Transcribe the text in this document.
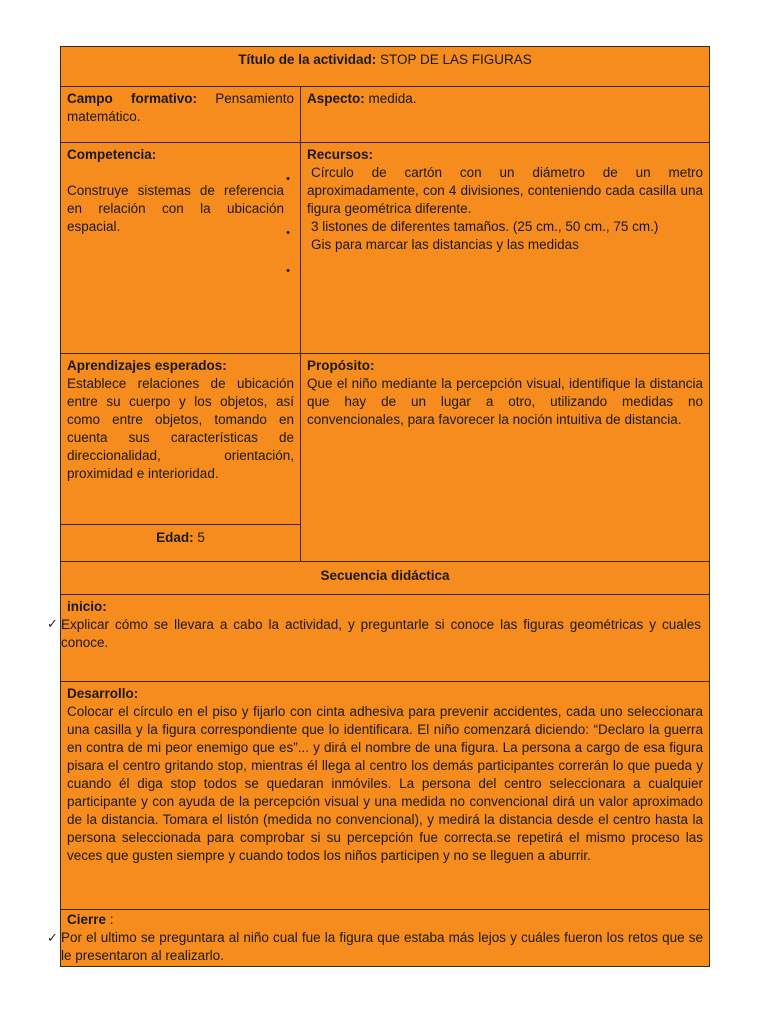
Título de la actividad: STOP DE LAS FIGURAS
Campo formativo: Pensamiento matemático.
Aspecto: medida.
Competencia:
Construye sistemas de referencia en relación con la ubicación espacial.
•
•
•
Recursos:
Círculo de cartón con un diámetro de un metro aproximadamente, con 4 divisiones, conteniendo cada casilla una figura geométrica diferente.
3 listones de diferentes tamaños. (25 cm., 50 cm., 75 cm.)
Gis para marcar las distancias y las medidas
Aprendizajes esperados:
Establece relaciones de ubicación entre su cuerpo y los objetos, así como entre objetos, tomando en cuenta sus características de direccionalidad, orientación, proximidad e interioridad.
Propósito:
Que el niño mediante la percepción visual, identifique la distancia que hay de un lugar a otro, utilizando medidas no convencionales, para favorecer la noción intuitiva de distancia.
Edad: 5
Secuencia didáctica
inicio:
Explicar cómo se llevara a cabo la actividad, y preguntarle si conoce las figuras geométricas y cuales conoce.
✓
Desarrollo:
Colocar el círculo en el piso y fijarlo con cinta adhesiva para prevenir accidentes, cada uno seleccionara una casilla y la figura correspondiente que lo identificara. El niño comenzará diciendo: “Declaro la guerra en contra de mi peor enemigo que es”... y dirá el nombre de una figura. La persona a cargo de esa figura pisara el centro gritando stop, mientras él llega al centro los demás participantes correrán lo que pueda y cuando él diga stop todos se quedaran inmóviles. La persona del centro seleccionara a cualquier participante y con ayuda de la percepción visual y una medida no convencional dirá un valor aproximado de la distancia. Tomara el listón (medida no convencional), y medirá la distancia desde el centro hasta la persona seleccionada para comprobar si su percepción fue correcta.se repetirá el mismo proceso las veces que gusten siempre y cuando todos los niños participen y no se lleguen a aburrir.
Cierre :
Por el ultimo se preguntara al niño cual fue la figura que estaba más lejos y cuáles fueron los retos que se le presentaron al realizarlo.
✓
